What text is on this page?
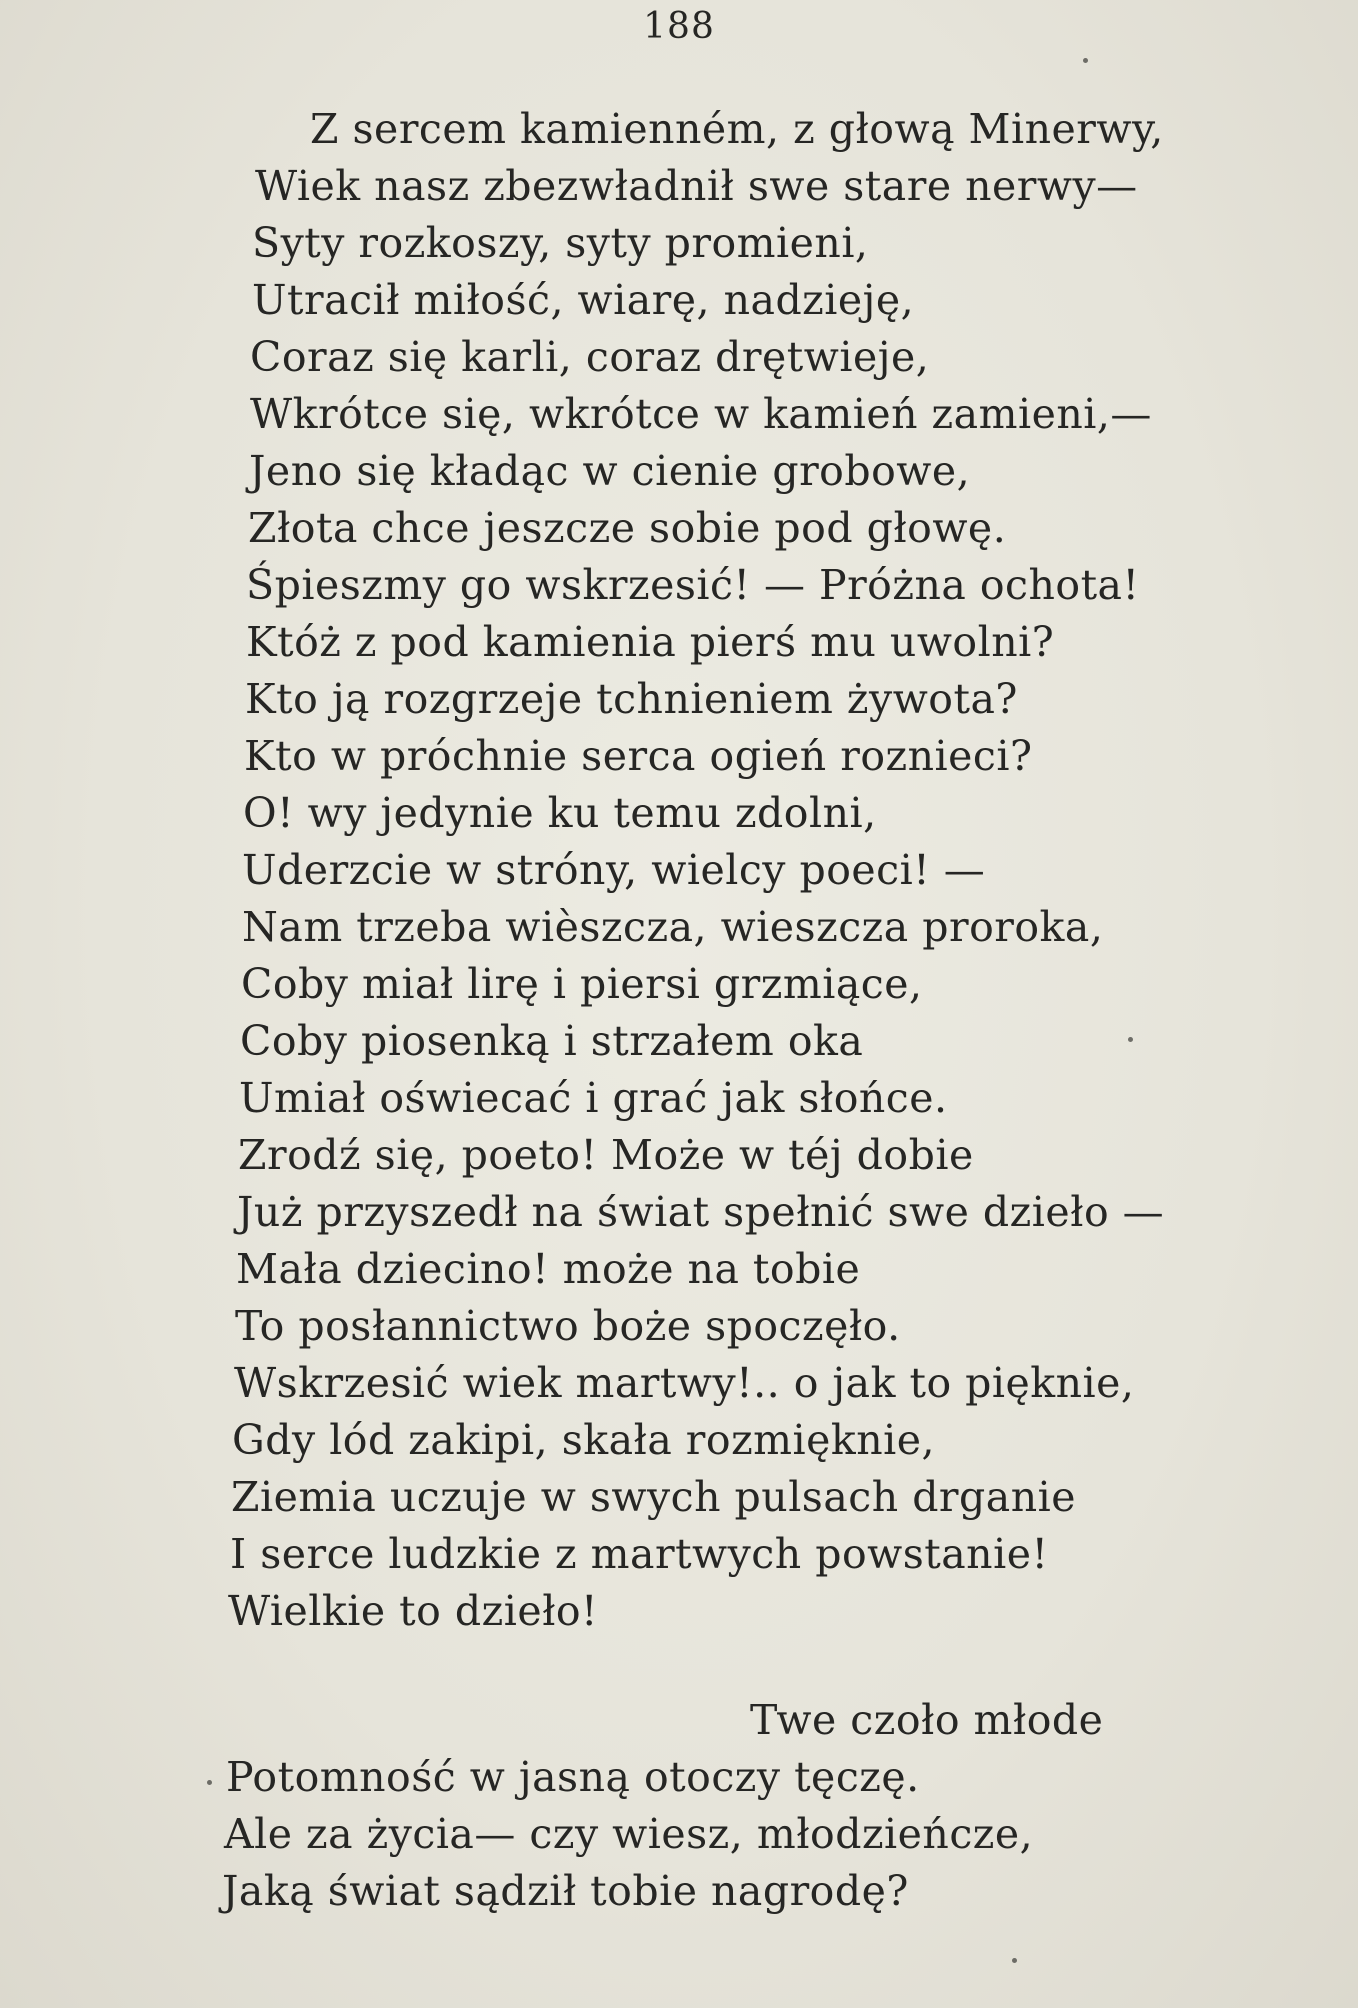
188
Z sercem kamienném, z głową Minerwy,
Wiek nasz zbezwładnił swe stare nerwy—
Syty rozkoszy, syty promieni,
Utracił miłość, wiarę, nadzieję,
Coraz się karli, coraz drętwieje,
Wkrótce się, wkrótce w kamień zamieni,—
Jeno się kładąc w cienie grobowe,
Złota chce jeszcze sobie pod głowę.
Śpieszmy go wskrzesić! — Próżna ochota!
Któż z pod kamienia pierś mu uwolni?
Kto ją rozgrzeje tchnieniem żywota?
Kto w próchnie serca ogień roznieci?
O! wy jedynie ku temu zdolni,
Uderzcie w stróny, wielcy poeci! —
Nam trzeba wièszcza, wieszcza proroka,
Coby miał lirę i piersi grzmiące,
Coby piosenką i strzałem oka
Umiał oświecać i grać jak słońce.
Zrodź się, poeto! Może w téj dobie
Już przyszedł na świat spełnić swe dzieło —
Mała dziecino! może na tobie
To posłannictwo boże spoczęło.
Wskrzesić wiek martwy!.. o jak to pięknie,
Gdy lód zakipi, skała rozmięknie,
Ziemia uczuje w swych pulsach drganie
I serce ludzkie z martwych powstanie!
Wielkie to dzieło!
Twe czoło młode
Potomność w jasną otoczy tęczę.
Ale za życia— czy wiesz, młodzieńcze,
Jaką świat sądził tobie nagrodę?
